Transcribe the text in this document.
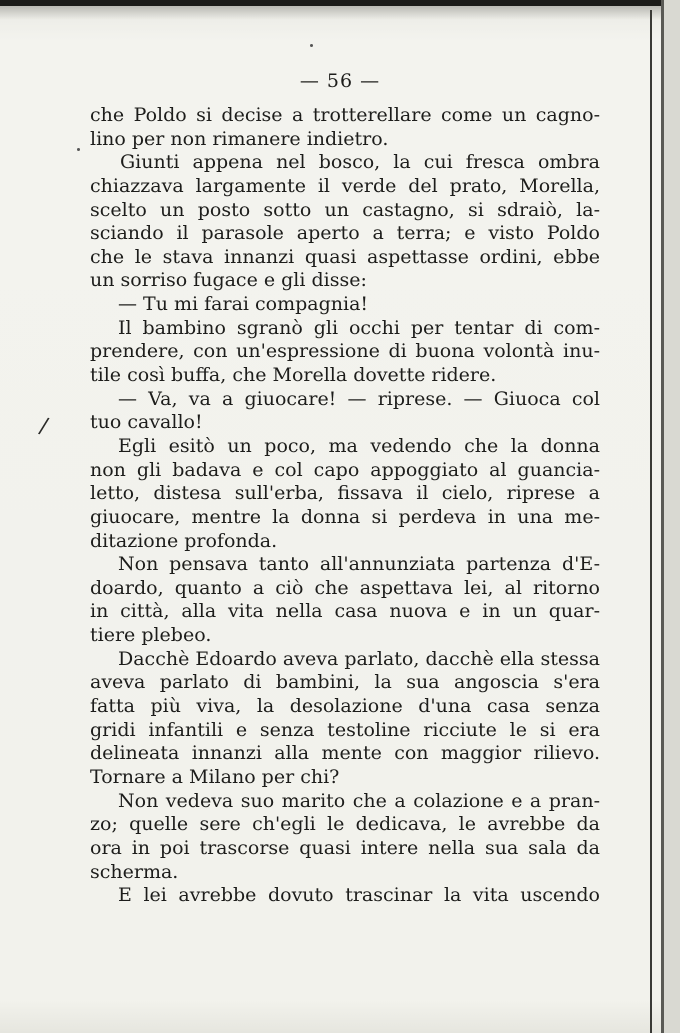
— 56 —
/
che Poldo si decise a trotterellare come un cagno-
lino per non rimanere indietro.
Giunti appena nel bosco, la cui fresca ombra
chiazzava largamente il verde del prato, Morella,
scelto un posto sotto un castagno, si sdraiò, la-
sciando il parasole aperto a terra; e visto Poldo
che le stava innanzi quasi aspettasse ordini, ebbe
un sorriso fugace e gli disse:
— Tu mi farai compagnia!
Il bambino sgranò gli occhi per tentar di com-
prendere, con un'espressione di buona volontà inu-
tile così buffa, che Morella dovette ridere.
— Va, va a giuocare! — riprese. — Giuoca col
tuo cavallo!
Egli esitò un poco, ma vedendo che la donna
non gli badava e col capo appoggiato al guancia-
letto, distesa sull'erba, fissava il cielo, riprese a
giuocare, mentre la donna si perdeva in una me-
ditazione profonda.
Non pensava tanto all'annunziata partenza d'E-
doardo, quanto a ciò che aspettava lei, al ritorno
in città, alla vita nella casa nuova e in un quar-
tiere plebeo.
Dacchè Edoardo aveva parlato, dacchè ella stessa
aveva parlato di bambini, la sua angoscia s'era
fatta più viva, la desolazione d'una casa senza
gridi infantili e senza testoline ricciute le si era
delineata innanzi alla mente con maggior rilievo.
Tornare a Milano per chi?
Non vedeva suo marito che a colazione e a pran-
zo; quelle sere ch'egli le dedicava, le avrebbe da
ora in poi trascorse quasi intere nella sua sala da
scherma.
E lei avrebbe dovuto trascinar la vita uscendo
